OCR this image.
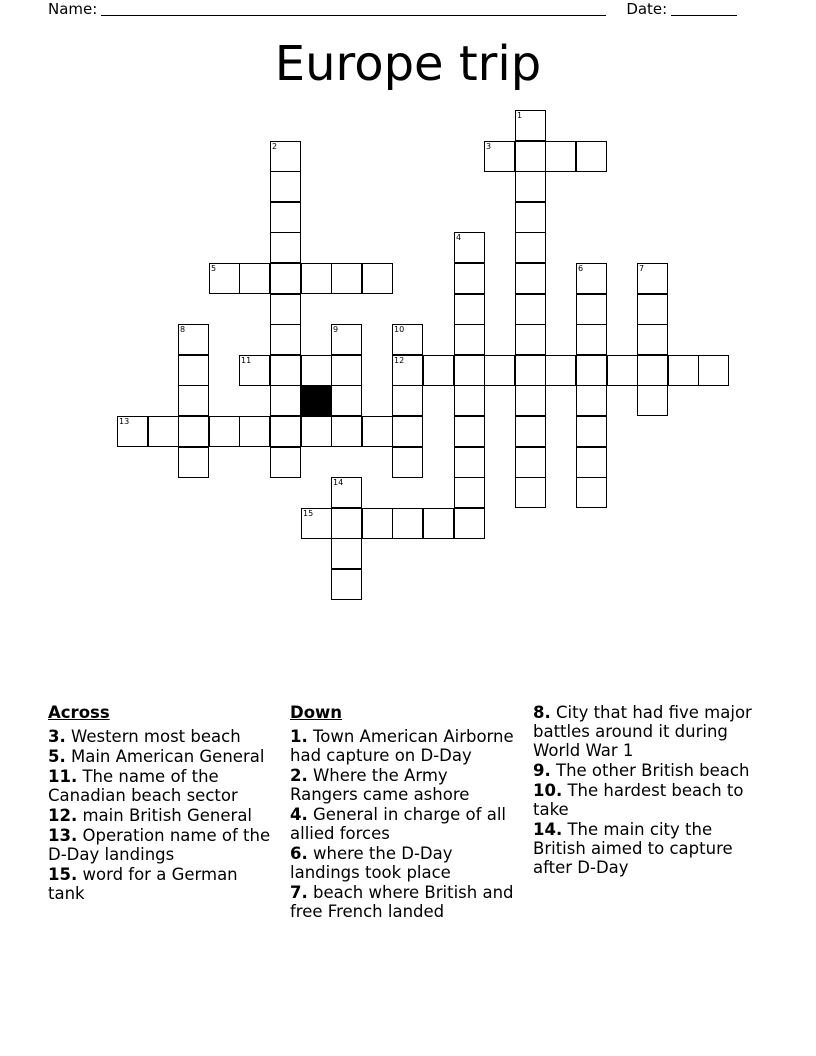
Name:	Date:
Europe trip
8
2
9	10
12
4
1
6	7
3
5
11
13
15
14
Across
3. Western most beach
5. Main American General
11. The name of the Canadian beach sector
12. main British General
13. Operation name of the D-Day landings
15. word for a German tank
Down
1. Town American Airborne had capture on D-Day
2. Where the Army Rangers came ashore
4. General in charge of all allied forces
6. where the D-Day landings took place
7. beach where British and free French landed
8. City that had five major battles around it during World War 1
9. The other British beach
10. The hardest beach to take
14. The main city the British aimed to capture after D-Day
